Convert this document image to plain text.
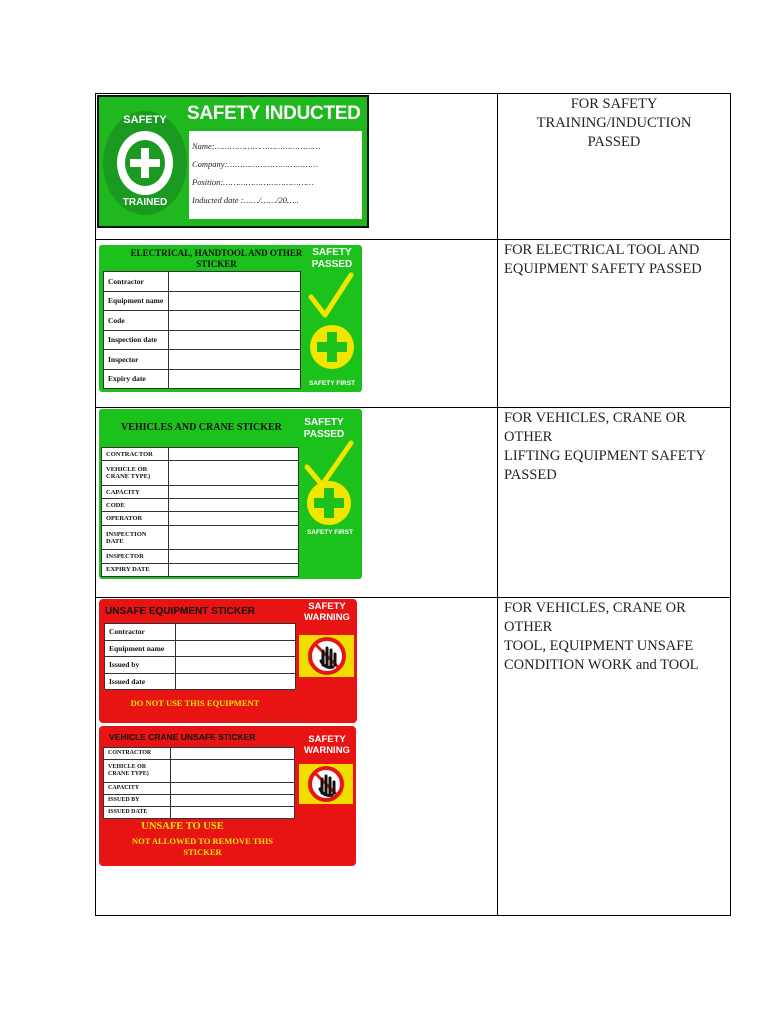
SAFETY
TRAINED
SAFETY INDUCTED
Name:……………………………………
Company:………………………………
Position:………………………………
Inducted date :……/……/20…..

FOR SAFETY

TRAINING/INDUCTION

PASSED

ELECTRICAL, HANDTOOL AND OTHER STICKER
Contractor	
Equipment name	
Code	
Inspection date	
Inspector	
Expiry date	
SAFETY PASSED
SAFETY FIRST

FOR ELECTRICAL TOOL AND

EQUIPMENT SAFETY PASSED

VEHICLES AND CRANE STICKER
CONTRACTOR	
VEHICLE OR CRANE TYPE)	
CAPACITY	
CODE	
OPERATOR	
INSPECTION DATE	
INSPECTOR	
EXPIRY DATE	
SAFETY PASSED
SAFETY FIRST

FOR VEHICLES, CRANE OR

OTHER

LIFTING EQUIPMENT SAFETY

PASSED

UNSAFE EQUIPMENT STICKER
Contractor	
Equipment name	
Issued by	
Issued date	
SAFETY WARNING
DO NOT USE THIS EQUIPMENT
VEHICLE CRANE UNSAFE STICKER
CONTRACTOR	
VEHICLE OR CRANE TYPE)	
CAPACITY	
ISSUED BY	
ISSUED DATE	
SAFETY WARNING
UNSAFE TO USE
NOT ALLOWED TO REMOVE THIS
STICKER

FOR VEHICLES, CRANE OR

OTHER

TOOL, EQUIPMENT UNSAFE

CONDITION WORK and TOOL
